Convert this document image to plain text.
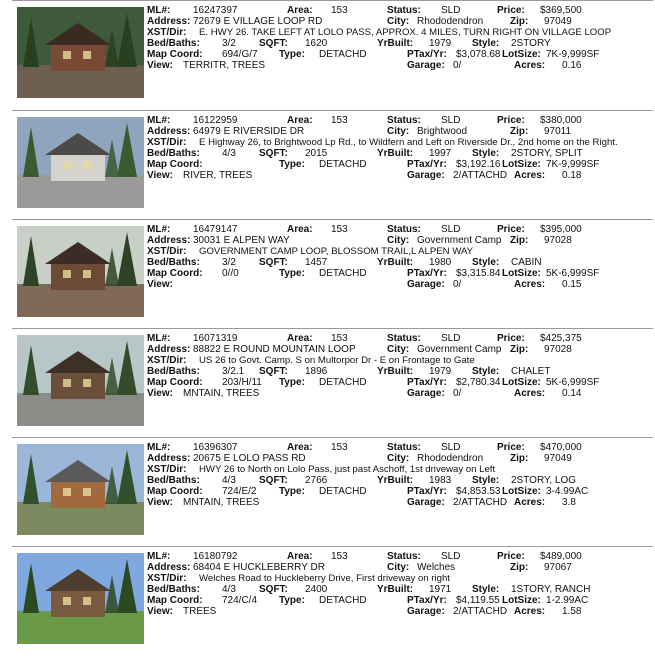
ML#: 16247397	Area: 153	Status: SLD	Price: $369,500
Address: 72679 E VILLAGE LOOP RD	City: Rhododendron	Zip: 97049
XST/Dir: E. HWY 26. TAKE LEFT AT LOLO PASS, APPROX. 4 MILES, TURN RIGHT ON VILLAGE LOOP
Bed/Baths: 3/2 SQFT: 1620	YrBuilt: 1979 Style: 2STORY
Map Coord: 694/G/7 Type: DETACHD	PTax/Yr: $3,078.68 LotSize: 7K-9,999SF
View: TERRITR, TREES	Garage: 0/	Acres: 0.16
ML#: 16122959	Area: 153	Status: SLD	Price: $380,000
Address: 64979 E RIVERSIDE DR	City: Brightwood	Zip: 97011
XST/Dir: E Highway 26, to Brightwood Lp Rd., to Wildfern and Left on Riverside Dr., 2nd home on the Right.
Bed/Baths: 4/3 SQFT: 2015	YrBuilt: 1997 Style: 2STORY, SPLIT
Map Coord:	Type: DETACHD	PTax/Yr: $3,192.16 LotSize: 7K-9,999SF
View: RIVER, TREES	Garage: 2/ATTACHD Acres: 0.18
ML#: 16479147	Area: 153	Status: SLD	Price: $395,000
Address: 30031 E ALPEN WAY	City: Government Camp Zip: 97028
XST/Dir: GOVERNMENT CAMP LOOP, BLOSSOM TRAIL,L ALPEN WAY
Bed/Baths: 3/2 SQFT: 1457	YrBuilt: 1980 Style: CABIN
Map Coord: 0//0	Type: DETACHD	PTax/Yr: $3,315.84 LotSize: 5K-6,999SF
View:	Garage: 0/	Acres: 0.15
ML#: 16071319	Area: 153	Status: SLD	Price: $425,375
Address: 88822 E ROUND MOUNTAIN LOOP	City: Government Camp Zip: 97028
XST/Dir: US 26 to Govt. Camp. S on Multorpor Dr - E on Frontage to Gate
Bed/Baths: 3/2.1 SQFT: 1896	YrBuilt: 1979 Style: CHALET
Map Coord: 203/H/11 Type: DETACHD	PTax/Yr: $2,780.34 LotSize: 5K-6,999SF
View: MNTAIN, TREES	Garage: 0/	Acres: 0.14
ML#: 16396307	Area: 153	Status: SLD	Price: $470,000
Address: 20675 E LOLO PASS RD	City: Rhododendron	Zip: 97049
XST/Dir: HWY 26 to North on Lolo Pass, just past Aschoff, 1st driveway on Left
Bed/Baths: 4/3 SQFT: 2766	YrBuilt: 1983 Style: 2STORY, LOG
Map Coord: 724/E/2 Type: DETACHD	PTax/Yr: $4,853.53 LotSize: 3-4.99AC
View: MNTAIN, TREES	Garage: 2/ATTACHD Acres: 3.8
ML#: 16180792	Area: 153	Status: SLD	Price: $489,000
Address: 68404 E HUCKLEBERRY DR	City: Welches	Zip: 97067
XST/Dir: Welches Road to Huckleberry Drive, First driveway on right
Bed/Baths: 4/3 SQFT: 2400	YrBuilt: 1971 Style: 1STORY, RANCH
Map Coord: 724/C/4 Type: DETACHD	PTax/Yr: $4,119.55 LotSize: 1-2.99AC
View: TREES	Garage: 2/ATTACHD Acres: 1.58
